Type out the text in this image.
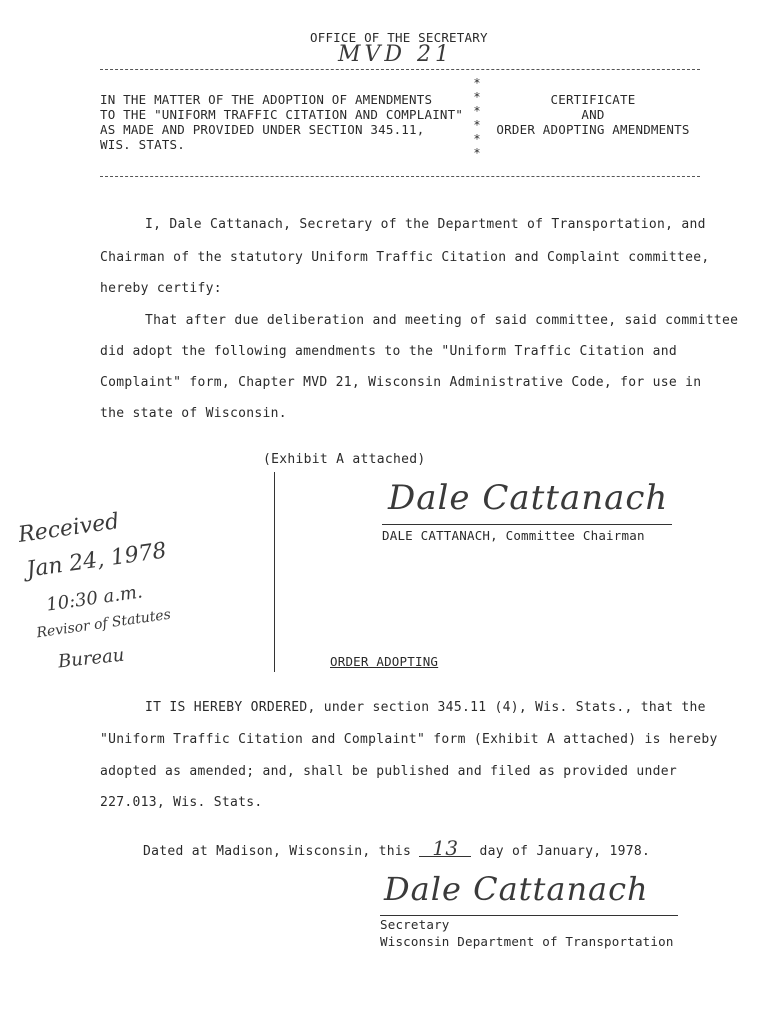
OFFICE OF THE SECRETARY
MVD 21
IN THE MATTER OF THE ADOPTION OF AMENDMENTS
TO THE "UNIFORM TRAFFIC CITATION AND COMPLAINT"
AS MADE AND PROVIDED UNDER SECTION 345.11,
WIS. STATS.
*
*
*
*
*
*
CERTIFICATE
AND
ORDER ADOPTING AMENDMENTS
I, Dale Cattanach, Secretary of the Department of Transportation, and
Chairman of the statutory Uniform Traffic Citation and Complaint committee,
hereby certify:
That after due deliberation and meeting of said committee, said committee
did adopt the following amendments to the "Uniform Traffic Citation and
Complaint" form, Chapter MVD 21, Wisconsin Administrative Code, for use in
the state of Wisconsin.
(Exhibit A attached)
Dale Cattanach
DALE CATTANACH, Committee Chairman
Received
Jan 24, 1978
10:30 a.m.
Revisor of Statutes
Bureau	ORDER ADOPTING
IT IS HEREBY ORDERED, under section 345.11 (4), Wis. Stats., that the
"Uniform Traffic Citation and Complaint" form (Exhibit A attached) is hereby
adopted as amended; and, shall be published and filed as provided under
227.013, Wis. Stats.
Dated at Madison, Wisconsin, this 13 day of January, 1978.
Dale Cattanach
Secretary
Wisconsin Department of Transportation
